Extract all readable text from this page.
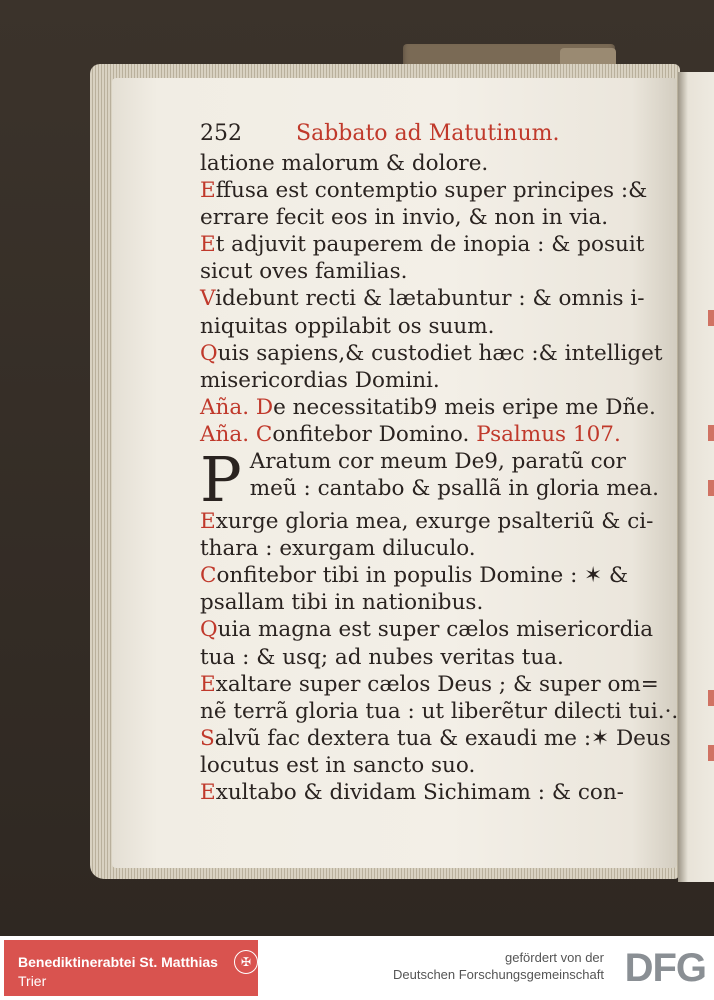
252 Sabbato ad Matutinum.
latione malorum & dolore.
Effusa est contemptio super principes :&
errare fecit eos in invio, & non in via.
Et adjuvit pauperem de inopia : & posuit
sicut oves familias.
Videbunt recti & lætabuntur : & omnis i-
niquitas oppilabit os suum.
Quis sapiens,& custodiet hæc :& intelliget
misericordias Domini.
Aña. De necessitatib9 meis eripe me Dñe.
Aña. Confitebor Domino. Psalmus 107.
P Aratum cor meum De9, paratũ cor
meũ : cantabo & psallã in gloria mea.
Exurge gloria mea, exurge psalteriũ & ci-
thara : exurgam diluculo.
Confitebor tibi in populis Domine : ✶ &
psallam tibi in nationibus.
Quia magna est super cælos misericordia
tua : & usq; ad nubes veritas tua.
Exaltare super cælos Deus ; & super om=
nẽ terrã gloria tua : ut liberẽtur dilecti tui.·.
Salvũ fac dextera tua & exaudi me :✶ Deus
locutus est in sancto suo.
Exultabo & dividam Sichimam : & con-
Benediktinerabtei St. Matthias
Trier
✠	gefördert von der
Deutschen Forschungsgemeinschaft DFG
